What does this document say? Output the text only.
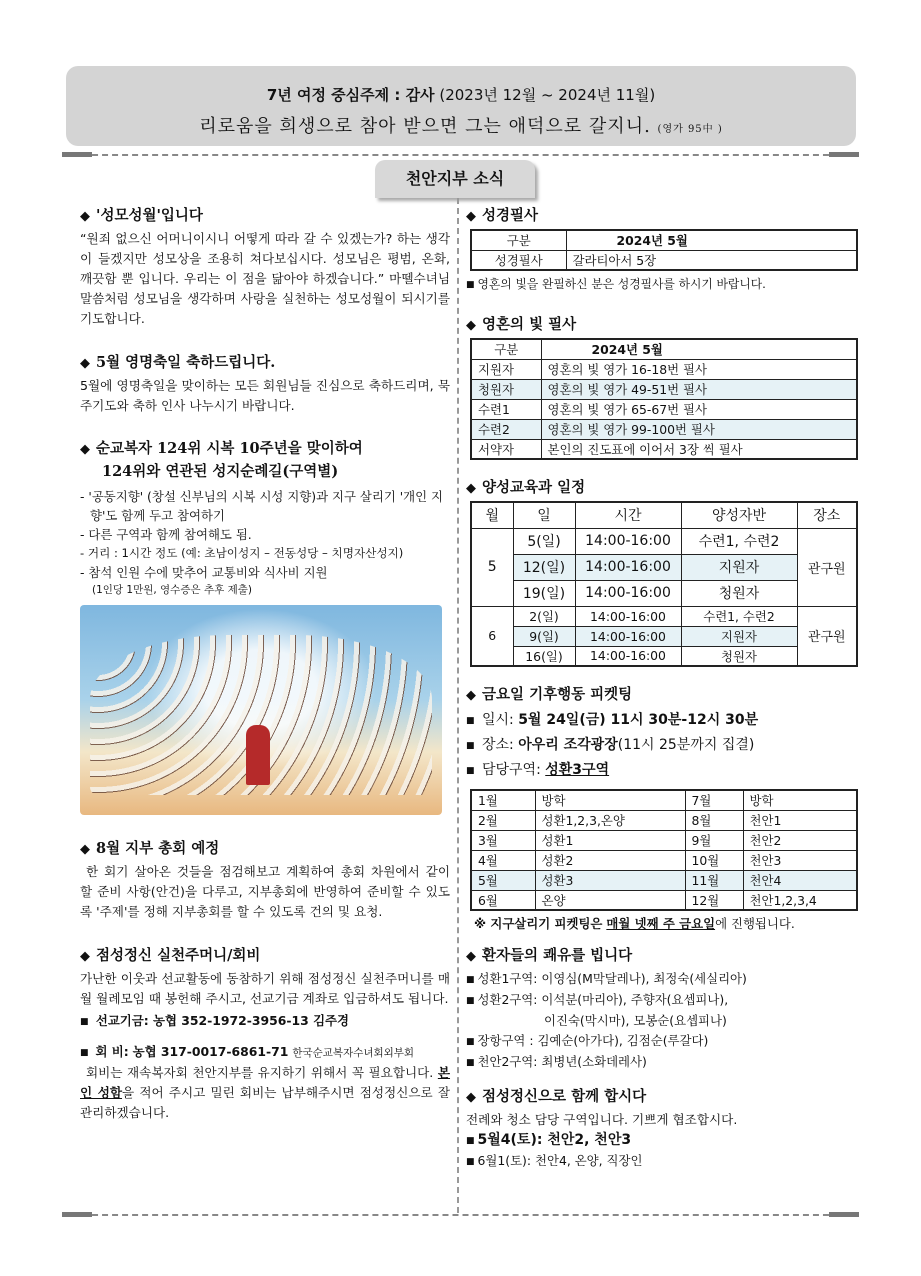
7년 여정 중심주제 : 감사 (2023년 12월 ~ 2024년 11월)
리로움을 희생으로 참아 받으면 그는 애덕으로 갈지니. (영가 95中 )
천안지부 소식
◆ '성모성월'입니다
“원죄 없으신 어머니이시니 어떻게 따라 갈 수 있겠는가? 하는 생각이 들겠지만 성모상을 조용히 쳐다보십시다. 성모님은 평범, 온화, 깨끗함 뿐 입니다. 우리는 이 점을 닮아야 하겠습니다.” 마뗄수녀님 말씀처럼 성모님을 생각하며 사랑을 실천하는 성모성월이 되시기를 기도합니다.
◆ 5월 영명축일 축하드립니다.
5월에 영명축일을 맞이하는 모든 회원님들 진심으로 축하드리며, 묵주기도와 축하 인사 나누시기 바랍니다.
◆ 순교복자 124위 시복 10주년을 맞이하여
124위와 연관된 성지순례길(구역별)
- '공동지향' (창설 신부님의 시복 시성 지향)과 지구 살리기 '개인 지향'도 함께 두고 참여하기
- 다른 구역과 함께 참여해도 됨.
- 거리 : 1시간 정도 (예: 초남이성지 – 전동성당 – 치명자산성지)
- 참석 인원 수에 맞추어 교통비와 식사비 지원
(1인당 1만원, 영수증은 추후 제출)
◆ 8월 지부 총회 예정
한 회기 살아온 것들을 점검해보고 계획하여 총회 차원에서 같이 할 준비 사항(안건)을 다루고, 지부총회에 반영하여 준비할 수 있도록 '주제'를 정해 지부총회를 할 수 있도록 건의 및 요청.
◆ 점성정신 실천주머니/회비
가난한 이웃과 선교활동에 동참하기 위해 점성정신 실천주머니를 매월 월례모임 때 봉헌해 주시고, 선교기금 계좌로 입금하셔도 됩니다.
■ 선교기금: 농협 352-1972-3956-13 김주경
■ 회 비: 농협 317-0017-6861-71 한국순교복자수녀회외부회
회비는 재속복자회 천안지부를 유지하기 위해서 꼭 필요합니다. 본인 성함을 적어 주시고 밀린 회비는 납부해주시면 점성정신으로 잘 관리하겠습니다.
◆ 성경필사
구분	2024년 5월
성경필사	갈라티아서 5장
■ 영혼의 빛을 완필하신 분은 성경필사를 하시기 바랍니다.
◆ 영혼의 빛 필사
구분	2024년 5월
지원자	영혼의 빛 영가 16-18번 필사
청원자	영혼의 빛 영가 49-51번 필사
수련1	영혼의 빛 영가 65-67번 필사
수련2	영혼의 빛 영가 99-100번 필사
서약자	본인의 진도표에 이어서 3장 씩 필사
◆ 양성교육과 일정
월	일	시간	양성자반	장소
5	5(일)	14:00-16:00	수련1, 수련2	관구원
	12(일)	14:00-16:00	지원자	
	19(일)	14:00-16:00	청원자	
6	2(일)	14:00-16:00	수련1, 수련2	관구원
	9(일)	14:00-16:00	지원자	
	16(일)	14:00-16:00	청원자	
◆ 금요일 기후행동 피켓팅
■ 일시: 5월 24일(금) 11시 30분-12시 30분
■ 장소: 아우리 조각광장(11시 25분까지 집결)
■ 담당구역: 성환3구역
1월	방학	7월	방학
2월	성환1,2,3,온양	8월	천안1
3월	성환1	9월	천안2
4월	성환2	10월	천안3
5월	성환3	11월	천안4
6월	온양	12월	천안1,2,3,4
※ 지구살리기 피켓팅은 매월 넷째 주 금요일에 진행됩니다.
◆ 환자들의 쾌유를 빕니다
■ 성환1구역: 이영심(M막달레나), 최정숙(세실리아)
■ 성환2구역: 이석분(마리아), 주향자(요셉피나),
이진숙(막시마), 모봉순(요셉피나)
■ 장항구역 : 김예순(아가다), 김점순(루갈다)
■ 천안2구역: 최병년(소화데레사)
◆ 점성정신으로 함께 합시다
전례와 청소 담당 구역입니다. 기쁘게 협조합시다.
■ 5월4(토): 천안2, 천안3
■ 6월1(토): 천안4, 온양, 직장인
